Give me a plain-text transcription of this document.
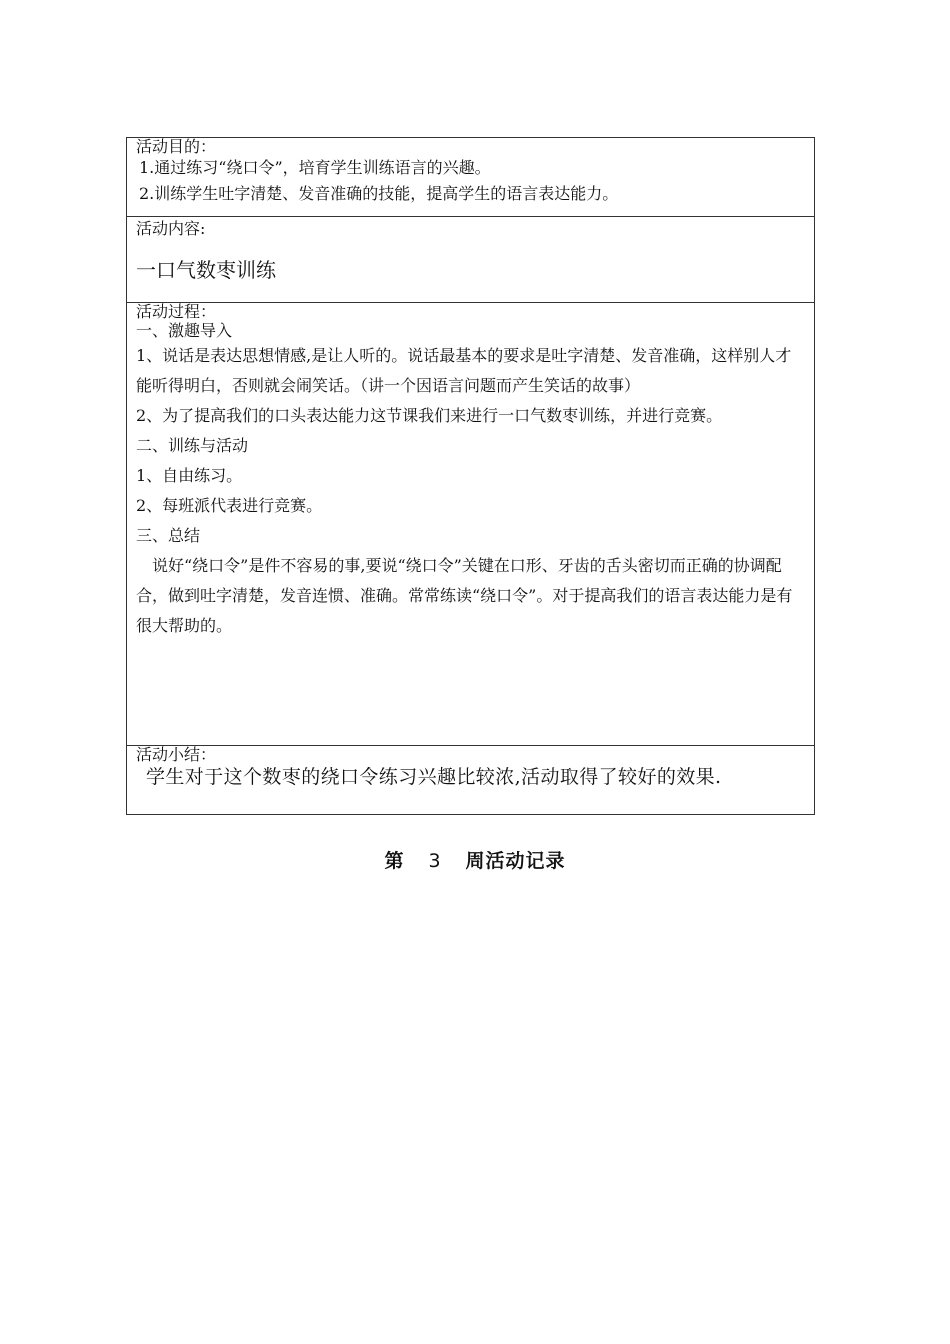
活动目的：

1.通过练习“绕口令”，培育学生训练语言的兴趣。

2.训练学生吐字清楚、发音准确的技能，提高学生的语言表达能力。

活动内容:

一口气数枣训练

活动过程：

一、激趣导入

1、说话是表达思想情感,是让人听的。说话最基本的要求是吐字清楚、发音准确，这样别人才能听得明白，否则就会闹笑话。（讲一个因语言问题而产生笑话的故事）

2、为了提高我们的口头表达能力这节课我们来进行一口气数枣训练，并进行竞赛。

二、训练与活动

1、自由练习。

2、每班派代表进行竞赛。

三、总结

说好“绕口令”是件不容易的事,要说“绕口令”关键在口形、牙齿的舌头密切而正确的协调配合，做到吐字清楚，发音连惯、准确。常常练读“绕口令”。对于提高我们的语言表达能力是有很大帮助的。

活动小结：

学生对于这个数枣的绕口令练习兴趣比较浓,活动取得了较好的效果.

第 3 周活动记录
